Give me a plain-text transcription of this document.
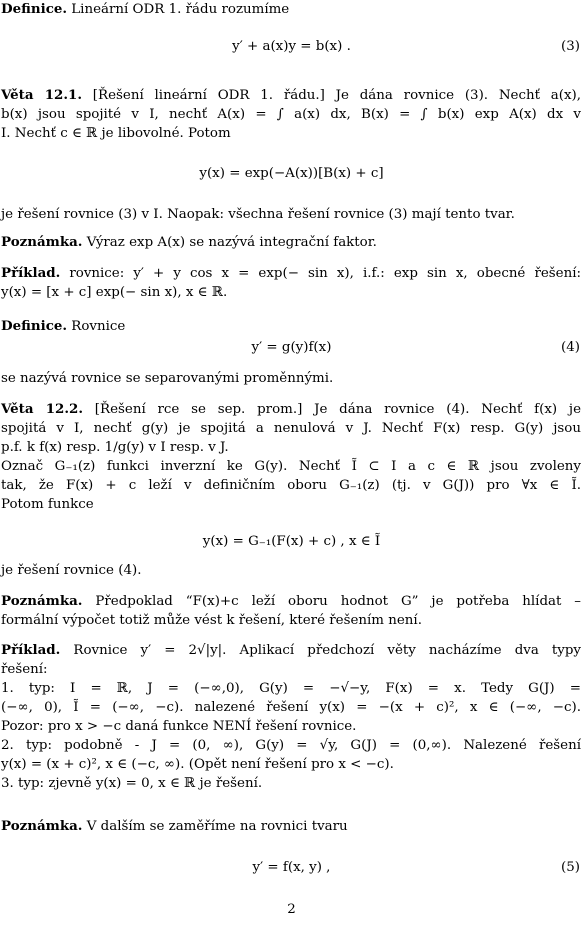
Definice. Lineární ODR 1. řádu rozumíme
y′ + a(x)y = b(x) .	(3)
Věta 12.1. [Řešení lineární ODR 1. řádu.] Je dána rovnice (3). Nechť a(x),
b(x) jsou spojité v I, nechť A(x) = ∫ a(x) dx, B(x) = ∫ b(x) exp A(x) dx v
I. Nechť c ∈ ℝ je libovolné. Potom
y(x) = exp(−A(x))[B(x) + c]
je řešení rovnice (3) v I. Naopak: všechna řešení rovnice (3) mají tento tvar.
Poznámka. Výraz exp A(x) se nazývá integrační faktor.
Příklad. rovnice: y′ + y cos x = exp(− sin x), i.f.: exp sin x, obecné řešení:
y(x) = [x + c] exp(− sin x), x ∈ ℝ.
Definice. Rovnice
y′ = g(y)f(x)	(4)
se nazývá rovnice se separovanými proměnnými.
Věta 12.2. [Řešení rce se sep. prom.] Je dána rovnice (4). Nechť f(x) je
spojitá v I, nechť g(y) je spojitá a nenulová v J. Nechť F(x) resp. G(y) jsou
p.f. k f(x) resp. 1/g(y) v I resp. v J.
Označ G₋₁(z) funkci inverzní ke G(y). Nechť Ĩ ⊂ I a c ∈ ℝ jsou zvoleny
tak, že F(x) + c leží v definičním oboru G₋₁(z) (tj. v G(J)) pro ∀x ∈ Ĩ.
Potom funkce
y(x) = G₋₁(F(x) + c) , x ∈ Ĩ
je řešení rovnice (4).
Poznámka. Předpoklad “F(x)+c leží oboru hodnot G” je potřeba hlídat –
formální výpočet totiž může vést k řešení, které řešením není.
Příklad. Rovnice y′ = 2√|y|. Aplikací předchozí věty nacházíme dva typy
řešení:
1. typ: I = ℝ, J = (−∞,0), G(y) = −√−y, F(x) = x. Tedy G(J) =
(−∞, 0), Ĩ = (−∞, −c). nalezené řešení y(x) = −(x + c)², x ∈ (−∞, −c).
Pozor: pro x > −c daná funkce NENÍ řešení rovnice.
2. typ: podobně - J = (0, ∞), G(y) = √y, G(J) = (0,∞). Nalezené řešení
y(x) = (x + c)², x ∈ (−c, ∞). (Opět není řešení pro x < −c).
3. typ: zjevně y(x) = 0, x ∈ ℝ je řešení.
Poznámka. V dalším se zaměříme na rovnici tvaru
y′ = f(x, y) ,	(5)
2
